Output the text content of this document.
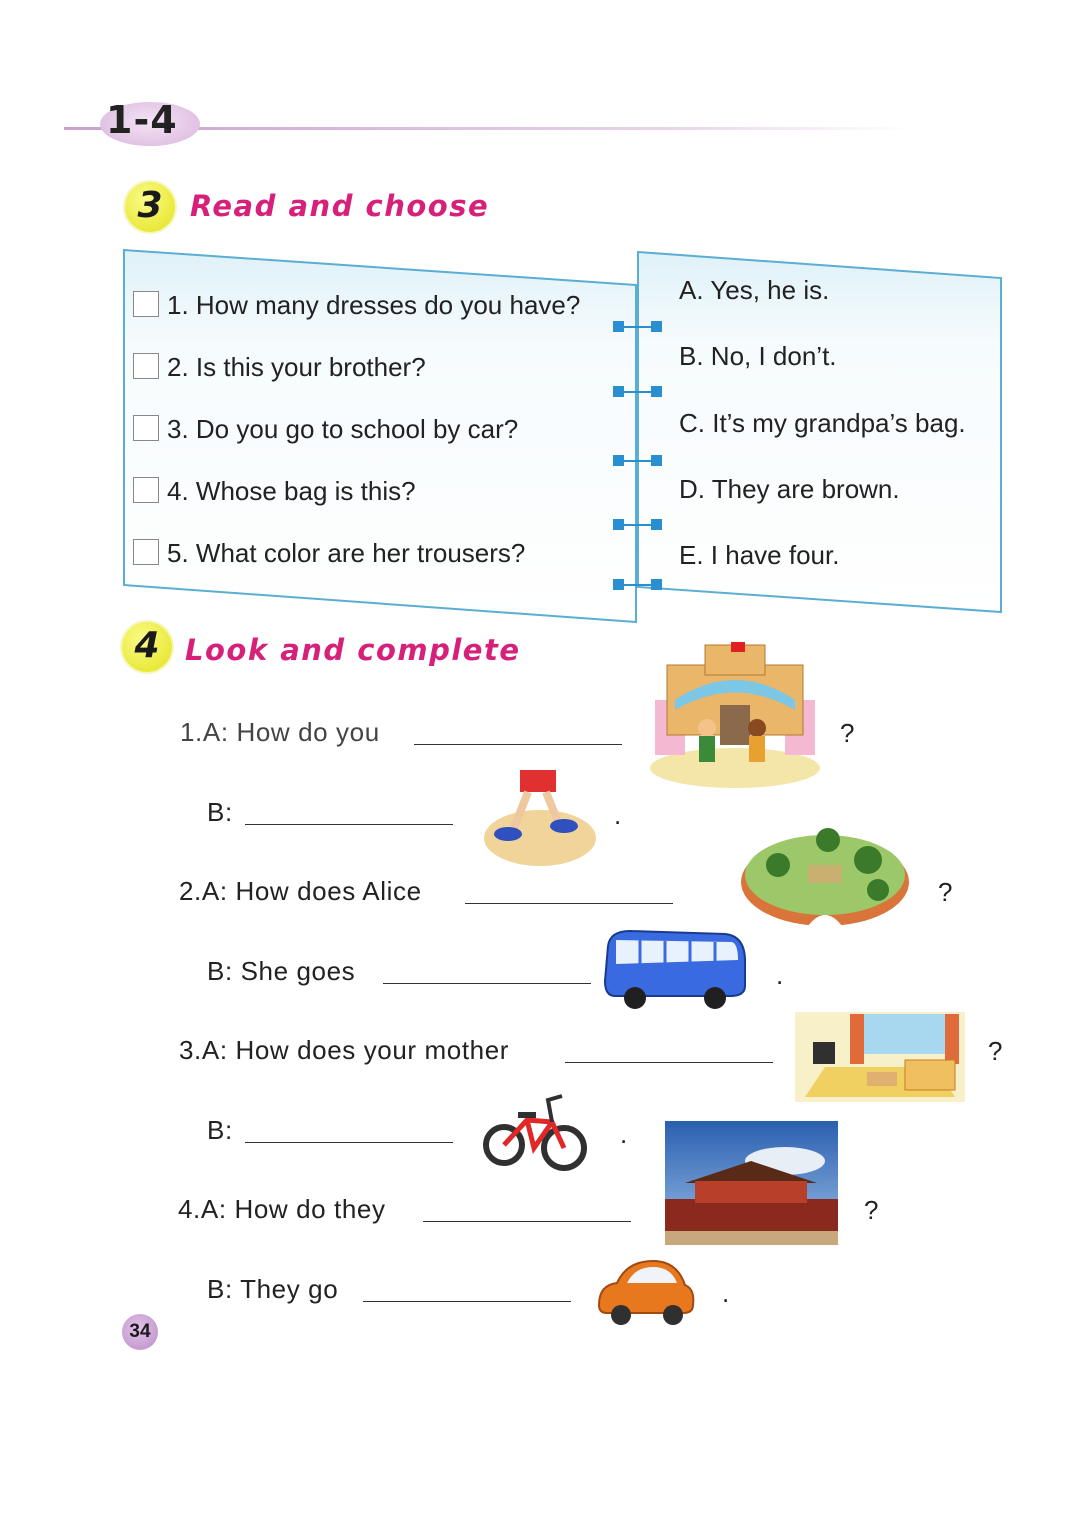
1-4
3 Read and choose
1. How many dresses do you have?
2. Is this your brother?
3. Do you go to school by car?
4. Whose bag is this?
5. What color are her trousers?
A. Yes, he is.
B. No, I don’t.
C. It’s my grandpa’s bag.
D. They are brown.
E. I have four.
4 Look and complete
1.A: How do you	?
B:	.
2.A: How does Alice	?
B: She goes	.
3.A: How does your mother	?
B:	.
4.A: How do they	?
B: They go	.
34
